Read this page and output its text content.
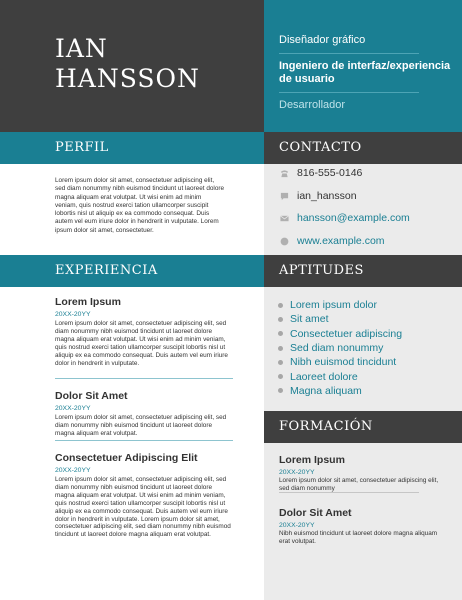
IAN
HANSSON
Diseñador gráfico
Ingeniero de interfaz/experiencia de usuario
Desarrollador
PERFIL
Lorem ipsum dolor sit amet, consectetuer adipiscing elit, sed diam nonummy nibh euismod tincidunt ut laoreet dolore magna aliquam erat volutpat. Ut wisi enim ad minim veniam, quis nostrud exerci tation ullamcorper suscipit lobortis nisl ut aliquip ex ea commodo consequat. Duis autem vel eum iriure dolor in hendrerit in vulputate. Lorem ipsum dolor sit amet, consectetuer.
CONTACTO
816-555-0146
ian_hansson
hansson@example.com
www.example.com
EXPERIENCIA
Lorem Ipsum
20XX-20YY
Lorem ipsum dolor sit amet, consectetuer adipiscing elit, sed diam nonummy nibh euismod tincidunt ut laoreet dolore magna aliquam erat volutpat. Ut wisi enim ad minim veniam, quis nostrud exerci tation ullamcorper suscipit lobortis nisl ut aliquip ex ea commodo consequat. Duis autem vel eum iriure dolor in hendrerit in vulputate.
Dolor Sit Amet
20XX-20YY
Lorem ipsum dolor sit amet, consectetuer adipiscing elit, sed diam nonummy nibh euismod tincidunt ut laoreet dolore magna aliquam erat volutpat.
Consectetuer Adipiscing Elit
20XX-20YY
Lorem ipsum dolor sit amet, consectetuer adipiscing elit, sed diam nonummy nibh euismod tincidunt ut laoreet dolore magna aliquam erat volutpat. Ut wisi enim ad minim veniam, quis nostrud exerci tation ullamcorper suscipit lobortis nisl ut aliquip ex ea commodo consequat. Duis autem vel eum iriure dolor in hendrerit in vulputate. Lorem ipsum dolor sit amet, consectetuer adipiscing elit, sed diam nonummy nibh euismod tincidunt ut laoreet dolore magna aliquam erat volutpat.
APTITUDES
Lorem ipsum dolor
Sit amet
Consectetuer adipiscing
Sed diam nonummy
Nibh euismod tincidunt
Laoreet dolore
Magna aliquam
FORMACIÓN
Lorem Ipsum
20XX-20YY
Lorem ipsum dolor sit amet, consectetuer adipiscing elit, sed diam nonummy
Dolor Sit Amet
20XX-20YY
Nibh euismod tincidunt ut laoreet dolore magna aliquam erat volutpat.
